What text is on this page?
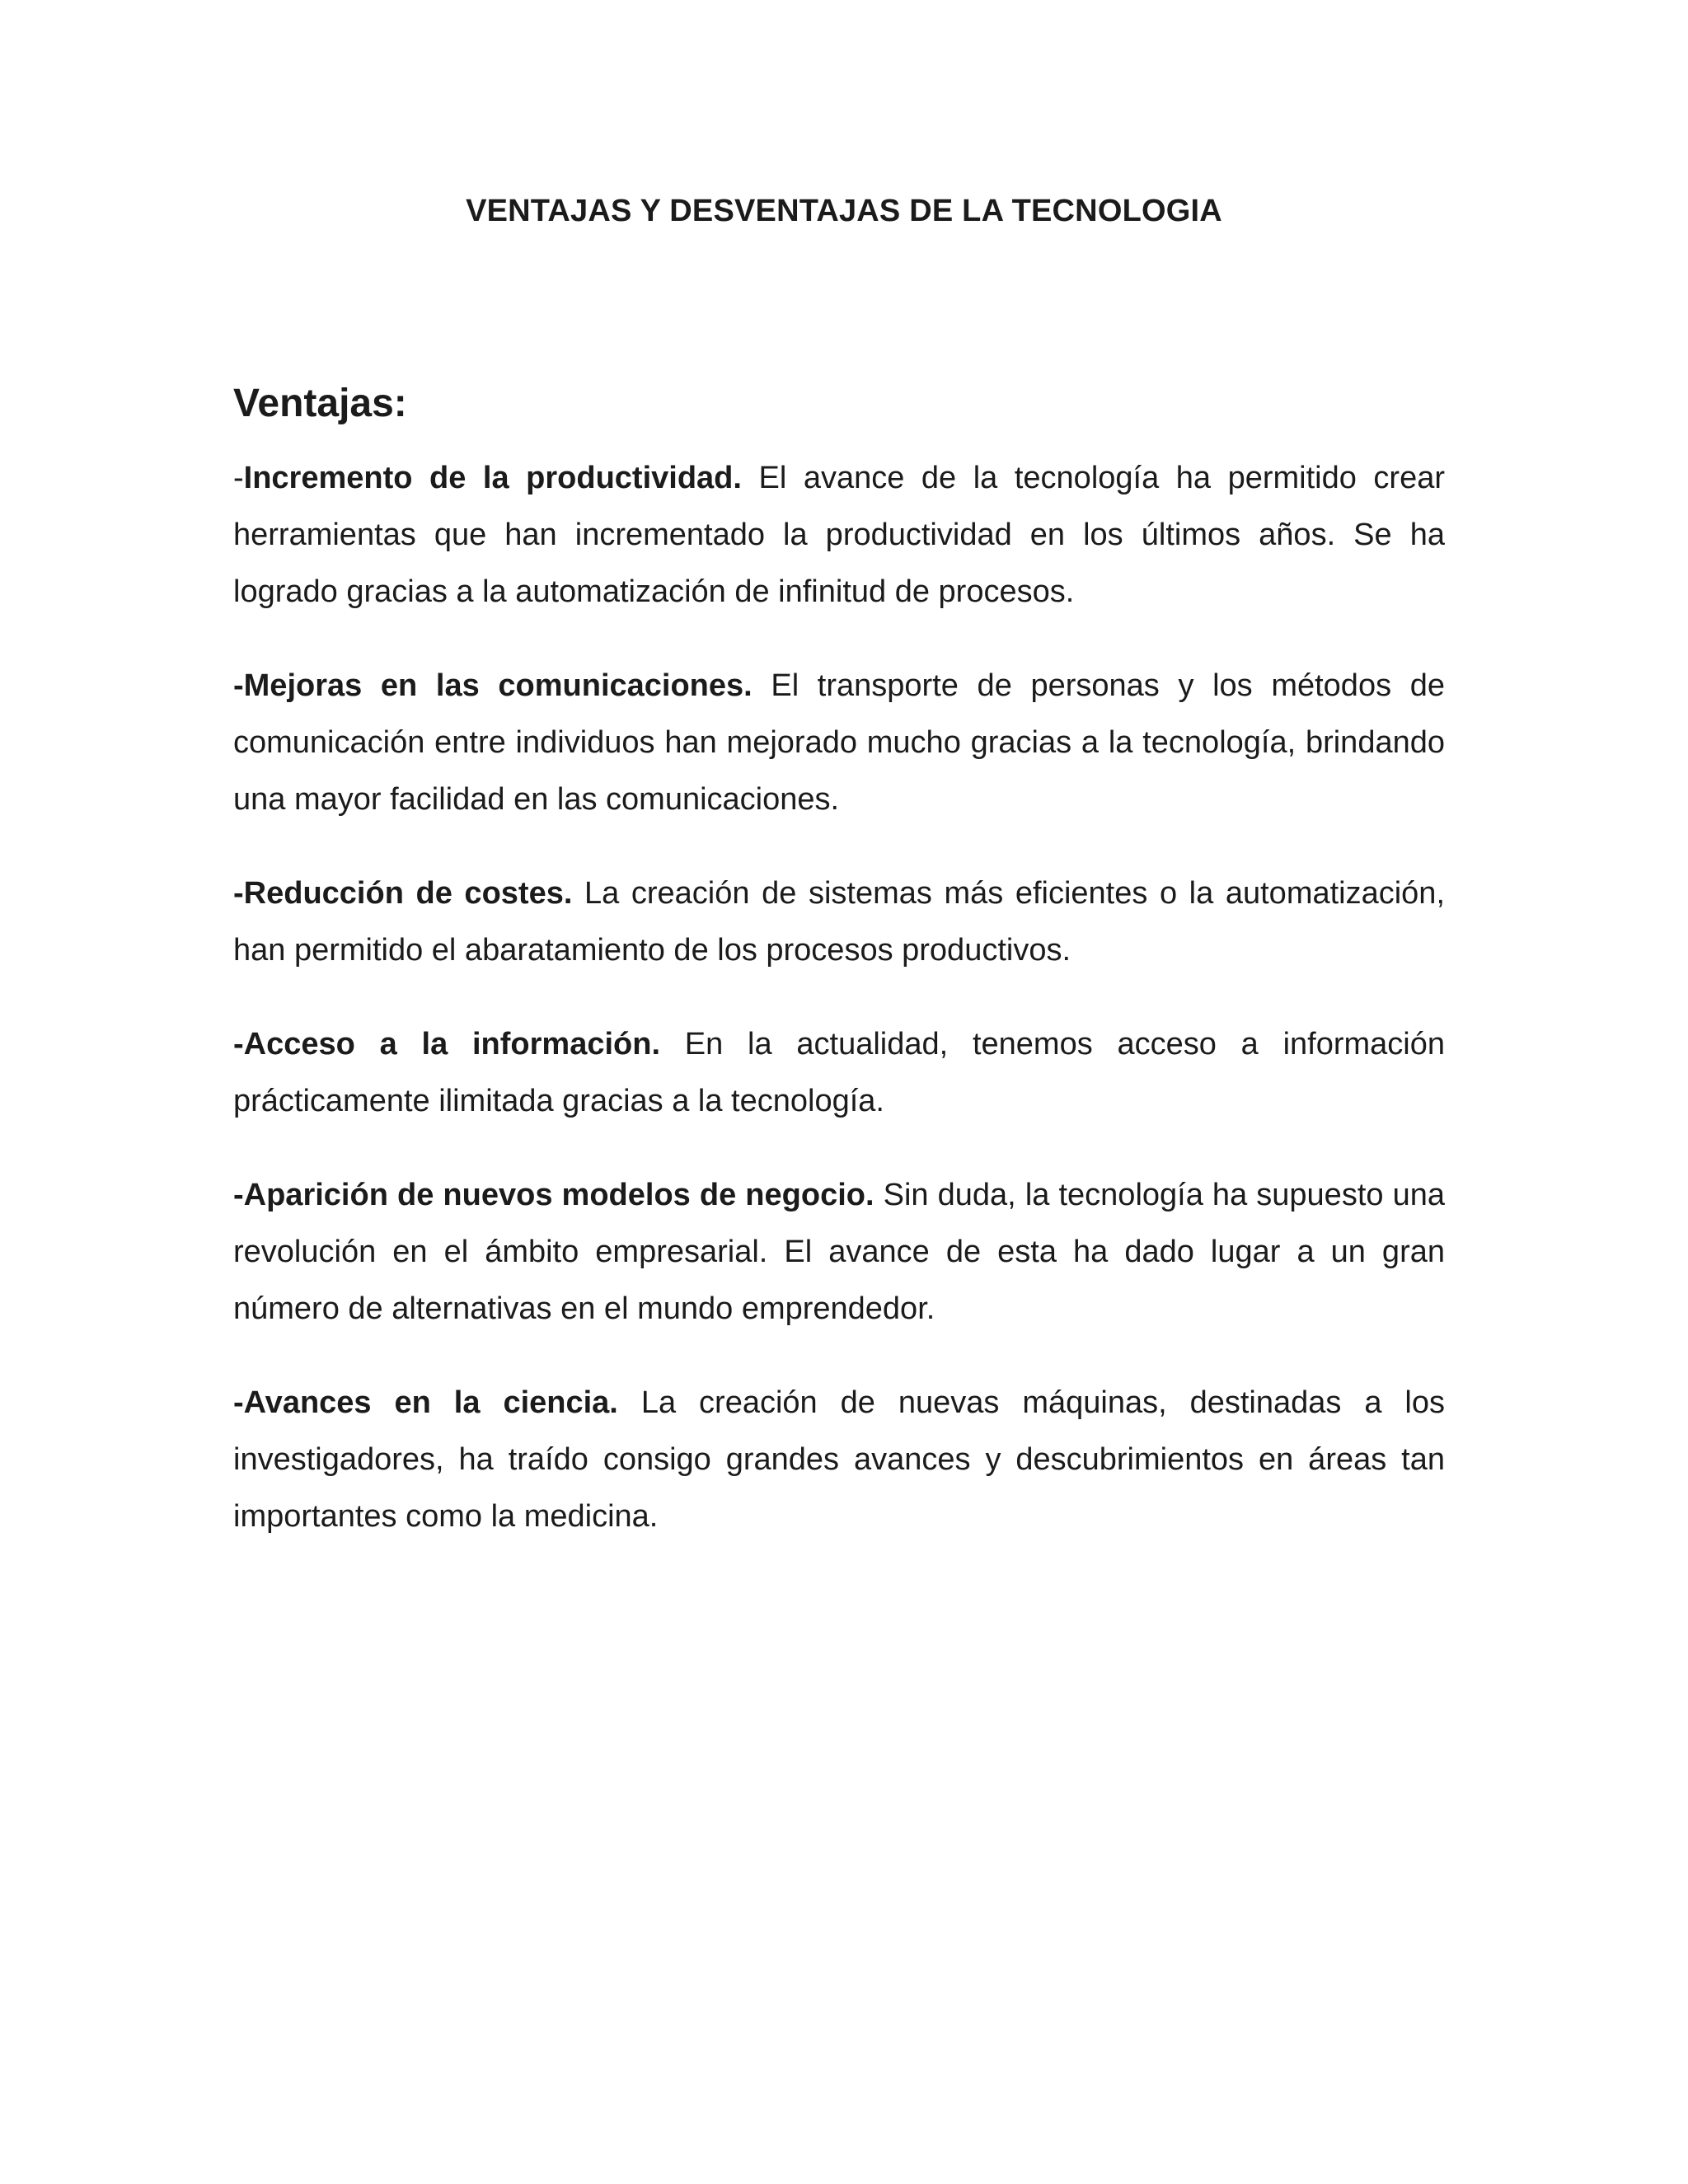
VENTAJAS Y DESVENTAJAS DE LA TECNOLOGIA
Ventajas:

-Incremento de la productividad. El avance de la tecnología ha permitido crear herramientas que han incrementado la productividad en los últimos años. Se ha logrado gracias a la automatización de infinitud de procesos.

-Mejoras en las comunicaciones. El transporte de personas y los métodos de comunicación entre individuos han mejorado mucho gracias a la tecnología, brindando una mayor facilidad en las comunicaciones.

-Reducción de costes. La creación de sistemas más eficientes o la automatización, han permitido el abaratamiento de los procesos productivos.

-Acceso a la información. En la actualidad, tenemos acceso a información prácticamente ilimitada gracias a la tecnología.

-Aparición de nuevos modelos de negocio. Sin duda, la tecnología ha supuesto una revolución en el ámbito empresarial. El avance de esta ha dado lugar a un gran número de alternativas en el mundo emprendedor.

-Avances en la ciencia. La creación de nuevas máquinas, destinadas a los investigadores, ha traído consigo grandes avances y descubrimientos en áreas tan importantes como la medicina.
